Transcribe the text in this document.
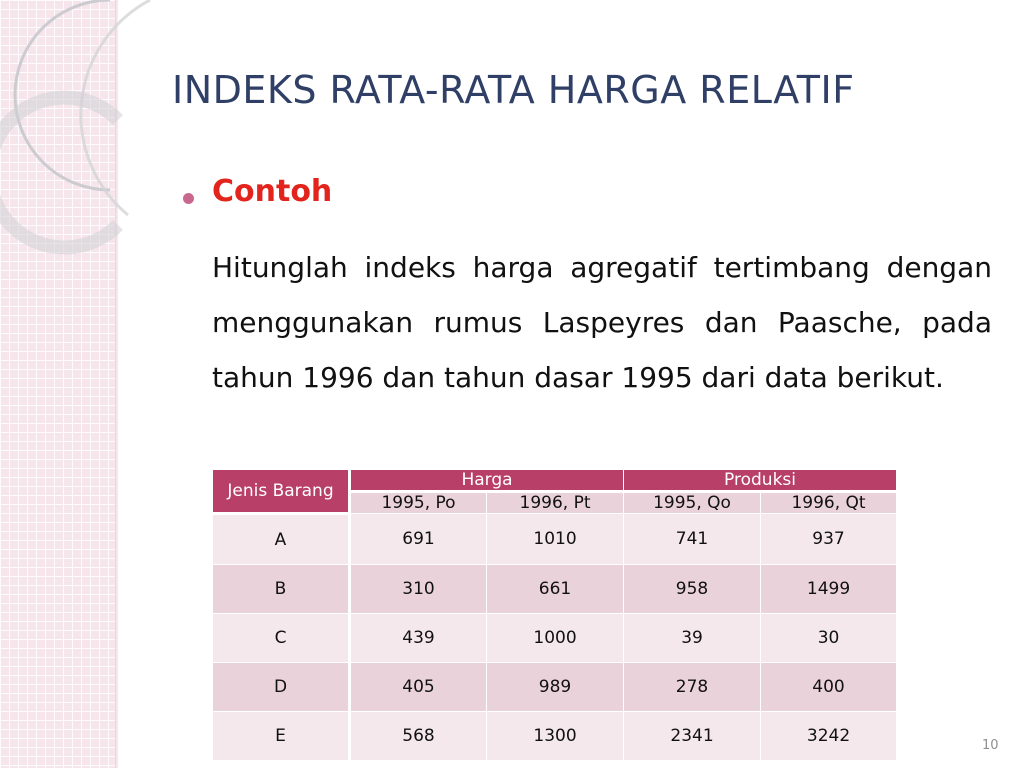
INDEKS RATA-RATA HARGA RELATIF
Contoh

Hitunglah indeks harga agregatif tertimbang dengan menggunakan rumus Laspeyres dan Paasche, pada tahun 1996 dan tahun dasar 1995 dari data berikut.

Jenis Barang	Harga		Produksi	
	1995, Po	1996, Pt	1995, Qo	1996, Qt
A	691	1010	741	937
B	310	661	958	1499
C	439	1000	39	30
D	405	989	278	400
E	568	1300	2341	3242	10
